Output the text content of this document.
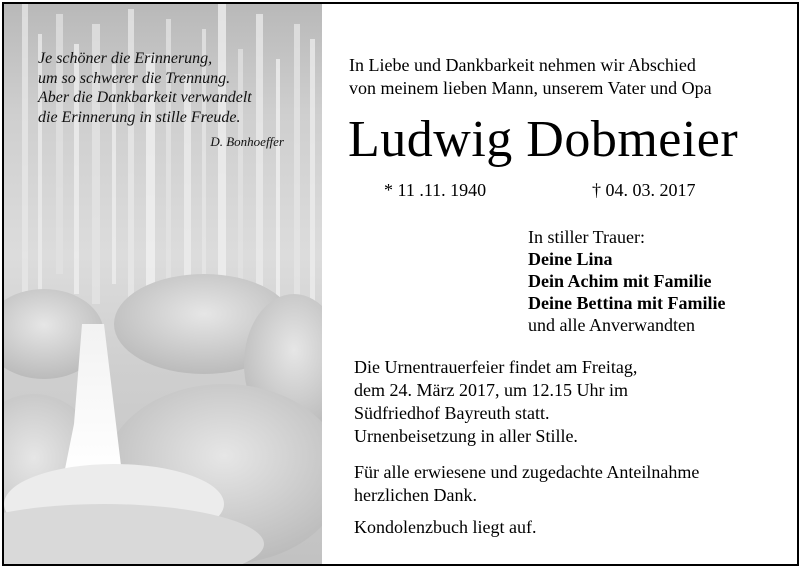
Je schöner die Erinnerung,
um so schwerer die Trennung.
Aber die Dankbarkeit verwandelt
die Erinnerung in stille Freude.
D. Bonhoeffer
In Liebe und Dankbarkeit nehmen wir Abschied
von meinem lieben Mann, unserem Vater und Opa
Ludwig Dobmeier
* 11 .11. 1940	† 04. 03. 2017
In stiller Trauer:
Deine Lina
Dein Achim mit Familie
Deine Bettina mit Familie
und alle Anverwandten
Die Urnentrauerfeier findet am Freitag,
dem 24. März 2017, um 12.15 Uhr im
Südfriedhof Bayreuth statt.
Urnenbeisetzung in aller Stille.
Für alle erwiesene und zugedachte Anteilnahme
herzlichen Dank.
Kondolenzbuch liegt auf.
